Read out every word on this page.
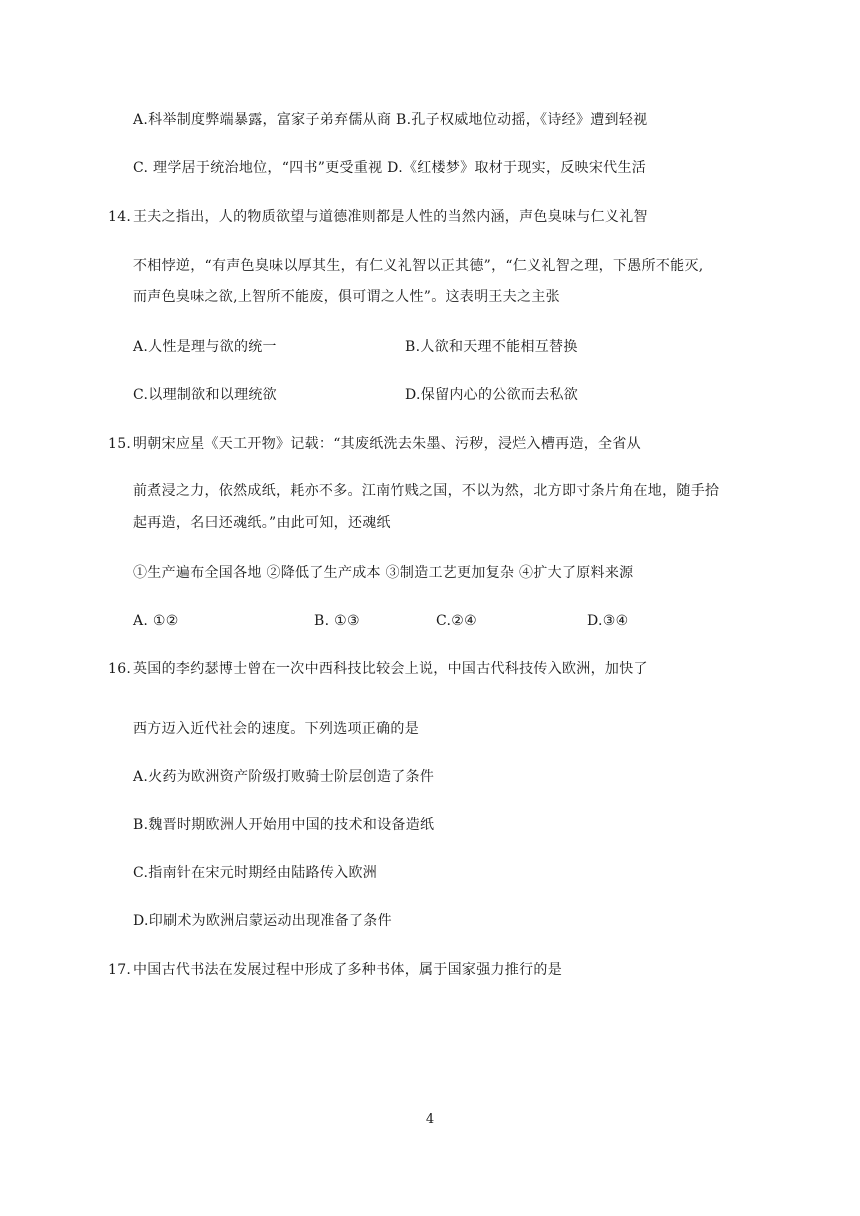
A.科举制度弊端暴露，富家子弟弃儒从商 B.孔子权威地位动摇，《诗经》遭到轻视
C. 理学居于统治地位，“四书”更受重视 D.《红楼梦》取材于现实，反映宋代生活
14. 王夫之指出，人的物质欲望与道德准则都是人性的当然内涵，声色臭味与仁义礼智
不相悖逆，“有声色臭味以厚其生，有仁义礼智以正其德”，“仁义礼智之理，下愚所不能灭,
而声色臭味之欲,上智所不能废，俱可谓之人性”。这表明王夫之主张
A.人性是理与欲的统一	B.人欲和天理不能相互替换
C.以理制欲和以理统欲	D.保留内心的公欲而去私欲
15. 明朝宋应星《天工开物》记载：“其废纸洗去朱墨、污秽，浸烂入槽再造，全省从
前煮浸之力，依然成纸，耗亦不多。江南竹贱之国，不以为然，北方即寸条片角在地，随手拾
起再造，名曰还魂纸。”由此可知，还魂纸
①生产遍布全国各地 ②降低了生产成本 ③制造工艺更加复杂 ④扩大了原料来源
A. ①②	B. ①③	C.②④	D.③④
16. 英国的李约瑟博士曾在一次中西科技比较会上说，中国古代科技传入欧洲，加快了
西方迈入近代社会的速度。下列选项正确的是
A.火药为欧洲资产阶级打败骑士阶层创造了条件
B.魏晋时期欧洲人开始用中国的技术和设备造纸
C.指南针在宋元时期经由陆路传入欧洲
D.印刷术为欧洲启蒙运动出现准备了条件
17. 中国古代书法在发展过程中形成了多种书体，属于国家强力推行的是
4
